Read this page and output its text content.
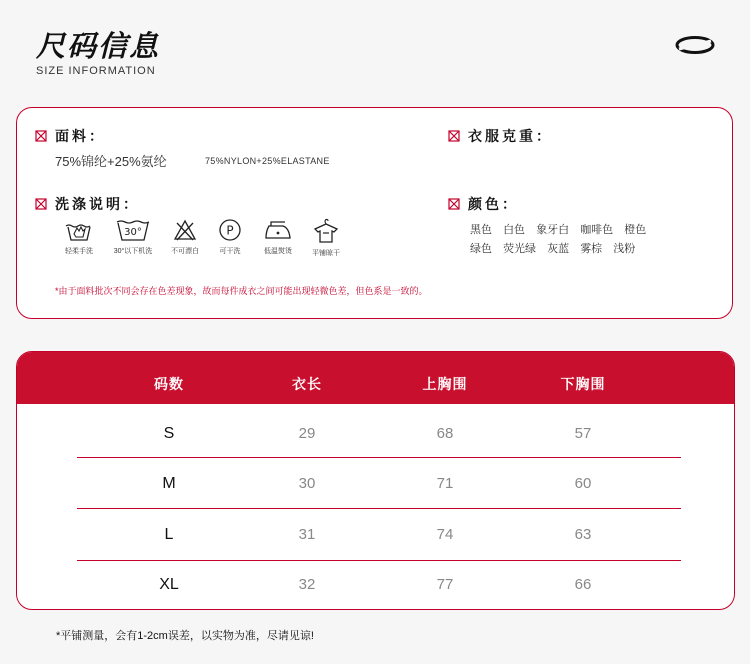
尺码信息
SIZE INFORMATION
面料：
75%锦纶+25%氨纶	75%NYLON+25%ELASTANE
衣服克重：
洗涤说明：
轻柔手洗
30°
30°以下机洗	不可漂白
P
可干洗	低温熨烫	平铺晾干
颜色：
黑色 白色 象牙白 咖啡色 橙色
绿色 荧光绿 灰蓝 雾棕 浅粉
*由于面料批次不同会存在色差现象，故而每件成衣之间可能出现轻微色差，但色系是一致的。
码数	衣长	上胸围	下胸围
S	29	68	57
M	30	71	60
L	31	74	63
XL	32	77	66
*平铺测量，会有1-2cm误差，以实物为准，尽请见谅!
